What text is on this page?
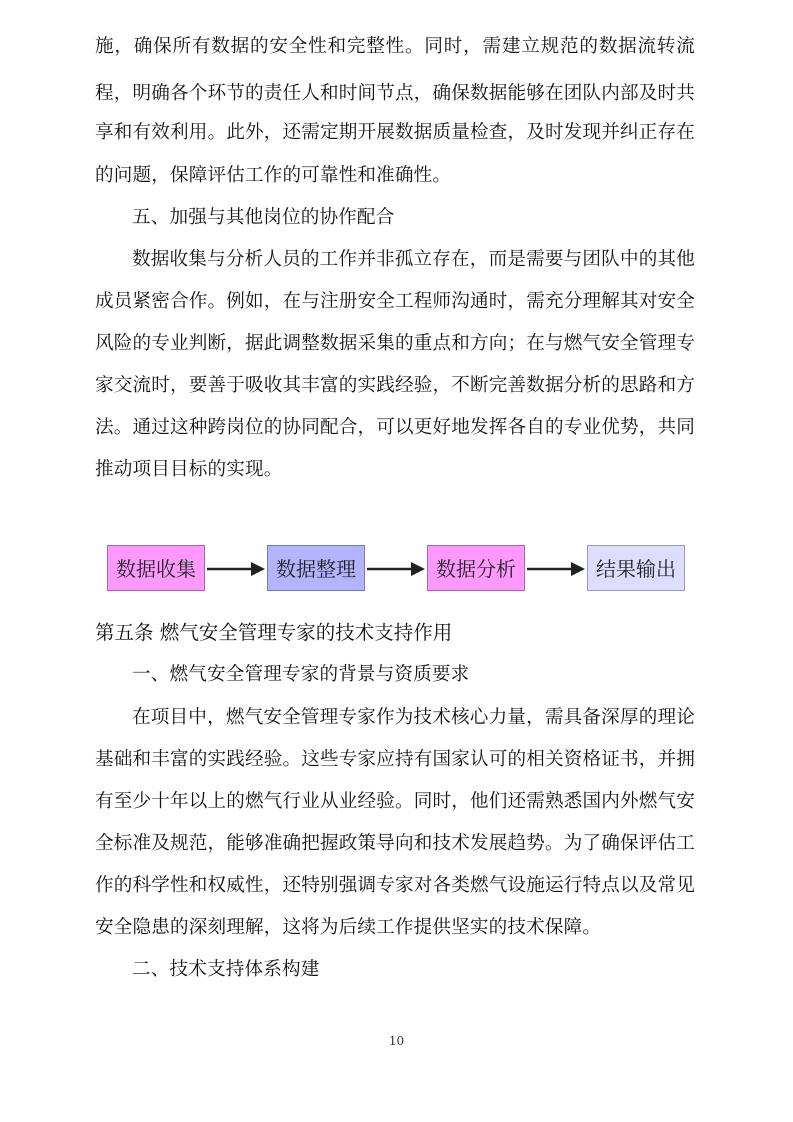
施，确保所有数据的安全性和完整性。同时，需建立规范的数据流转流
程，明确各个环节的责任人和时间节点，确保数据能够在团队内部及时共
享和有效利用。此外，还需定期开展数据质量检查，及时发现并纠正存在
的问题，保障评估工作的可靠性和准确性。
五、加强与其他岗位的协作配合
数据收集与分析人员的工作并非孤立存在，而是需要与团队中的其他
成员紧密合作。例如，在与注册安全工程师沟通时，需充分理解其对安全
风险的专业判断，据此调整数据采集的重点和方向；在与燃气安全管理专
家交流时，要善于吸收其丰富的实践经验，不断完善数据分析的思路和方
法。通过这种跨岗位的协同配合，可以更好地发挥各自的专业优势，共同
推动项目目标的实现。
数据收集	数据整理	数据分析	结果输出
第五条 燃气安全管理专家的技术支持作用
一、燃气安全管理专家的背景与资质要求
在项目中，燃气安全管理专家作为技术核心力量，需具备深厚的理论
基础和丰富的实践经验。这些专家应持有国家认可的相关资格证书，并拥
有至少十年以上的燃气行业从业经验。同时，他们还需熟悉国内外燃气安
全标准及规范，能够准确把握政策导向和技术发展趋势。为了确保评估工
作的科学性和权威性，还特别强调专家对各类燃气设施运行特点以及常见
安全隐患的深刻理解，这将为后续工作提供坚实的技术保障。
二、技术支持体系构建
10
